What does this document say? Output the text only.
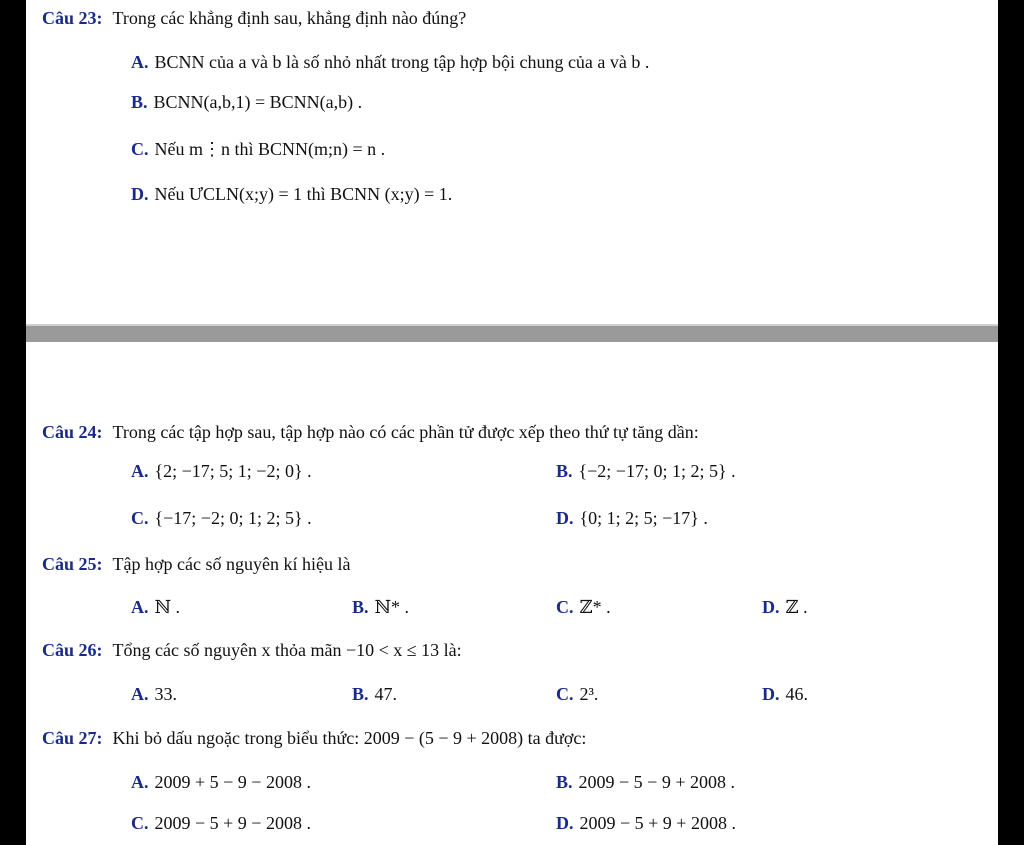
Câu 23: Trong các khẳng định sau, khẳng định nào đúng?
A. BCNN của a và b là số nhỏ nhất trong tập hợp bội chung của a và b .
B. BCNN(a,b,1) = BCNN(a,b) .
C. Nếu m⋮n thì BCNN(m;n) = n .
D. Nếu ƯCLN(x;y) = 1 thì BCNN (x;y) = 1.
Câu 24: Trong các tập hợp sau, tập hợp nào có các phần tử được xếp theo thứ tự tăng dần:
A. {2; −17; 5; 1; −2; 0} .	B. {−2; −17; 0; 1; 2; 5} .
C. {−17; −2; 0; 1; 2; 5} .	D. {0; 1; 2; 5; −17} .
Câu 25: Tập hợp các số nguyên kí hiệu là
A. ℕ .	B. ℕ* .	C. ℤ* .	D. ℤ .
Câu 26: Tổng các số nguyên x thỏa mãn −10 < x ≤ 13 là:
A. 33.	B. 47.	C. 2³.	D. 46.
Câu 27: Khi bỏ dấu ngoặc trong biểu thức: 2009 − (5 − 9 + 2008) ta được:
A. 2009 + 5 − 9 − 2008 .	B. 2009 − 5 − 9 + 2008 .
C. 2009 − 5 + 9 − 2008 .	D. 2009 − 5 + 9 + 2008 .
